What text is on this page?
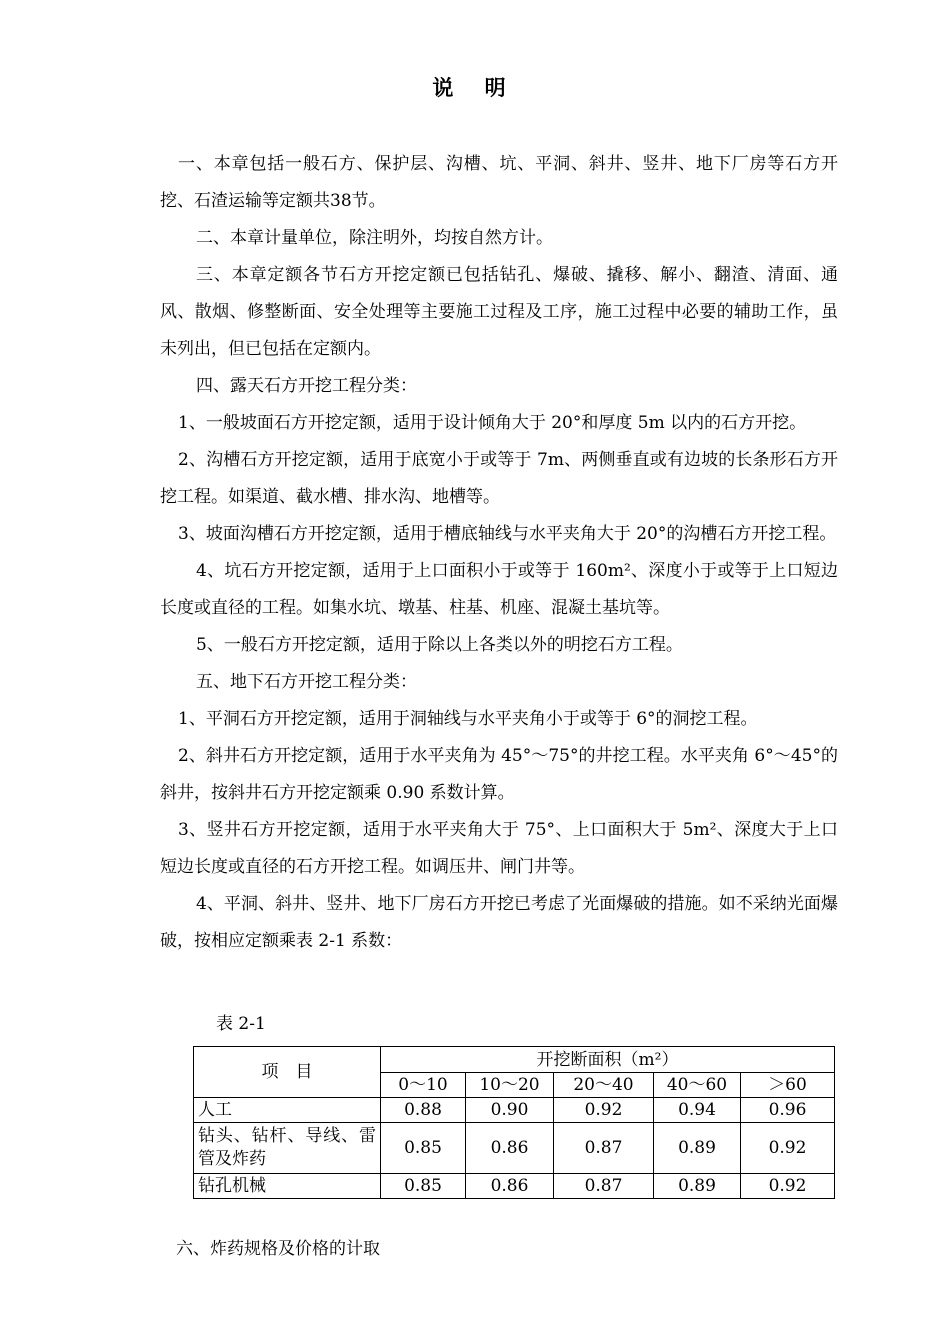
说 明

一、本章包括一般石方、保护层、沟槽、坑、平洞、斜井、竖井、地下厂房等石方开挖、石渣运输等定额共38节。

二、本章计量单位，除注明外，均按自然方计。

三、本章定额各节石方开挖定额已包括钻孔、爆破、撬移、解小、翻渣、清面、通风、散烟、修整断面、安全处理等主要施工过程及工序，施工过程中必要的辅助工作，虽未列出，但已包括在定额内。

四、露天石方开挖工程分类：

1、一般坡面石方开挖定额，适用于设计倾角大于 20°和厚度 5m 以内的石方开挖。

2、沟槽石方开挖定额，适用于底宽小于或等于 7m、两侧垂直或有边坡的长条形石方开挖工程。如渠道、截水槽、排水沟、地槽等。

3、坡面沟槽石方开挖定额，适用于槽底轴线与水平夹角大于 20°的沟槽石方开挖工程。

4、坑石方开挖定额，适用于上口面积小于或等于 160m²、深度小于或等于上口短边长度或直径的工程。如集水坑、墩基、柱基、机座、混凝土基坑等。

5、一般石方开挖定额，适用于除以上各类以外的明挖石方工程。

五、地下石方开挖工程分类：

1、平洞石方开挖定额，适用于洞轴线与水平夹角小于或等于 6°的洞挖工程。

2、斜井石方开挖定额，适用于水平夹角为 45°～75°的井挖工程。水平夹角 6°～45°的斜井，按斜井石方开挖定额乘 0.90 系数计算。

3、竖井石方开挖定额，适用于水平夹角大于 75°、上口面积大于 5m²、深度大于上口短边长度或直径的石方开挖工程。如调压井、闸门井等。

4、平洞、斜井、竖井、地下厂房石方开挖已考虑了光面爆破的措施。如不采纳光面爆破，按相应定额乘表 2-1 系数：

表 2-1
项　目	开挖断面积（m²）				
	0～10	10～20	20～40	40～60	＞60
人工	0.88	0.90	0.92	0.94	0.96
钻头、钻杆、导线、雷管及炸药	0.85	0.86	0.87	0.89	0.92
钻孔机械	0.85	0.86	0.87	0.89	0.92
六、炸药规格及价格的计取
